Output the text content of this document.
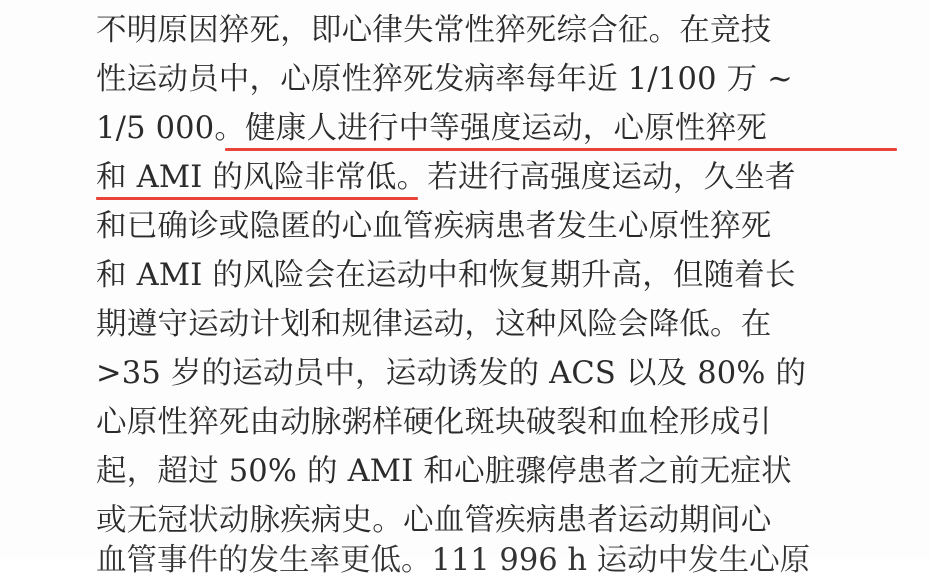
不明原因猝死，即心律失常性猝死综合征。在竞技
性运动员中，心原性猝死发病率每年近 1/100 万 ~
1/5 000。健康人进行中等强度运动，心原性猝死
和 AMI 的风险非常低。若进行高强度运动，久坐者
和已确诊或隐匿的心血管疾病患者发生心原性猝死
和 AMI 的风险会在运动中和恢复期升高，但随着长
期遵守运动计划和规律运动，这种风险会降低。在
>35 岁的运动员中，运动诱发的 ACS 以及 80% 的
心原性猝死由动脉粥样硬化斑块破裂和血栓形成引
起，超过 50% 的 AMI 和心脏骤停患者之前无症状
或无冠状动脉疾病史。心血管疾病患者运动期间心
血管事件的发生率更低。111 996 h 运动中发生心原
